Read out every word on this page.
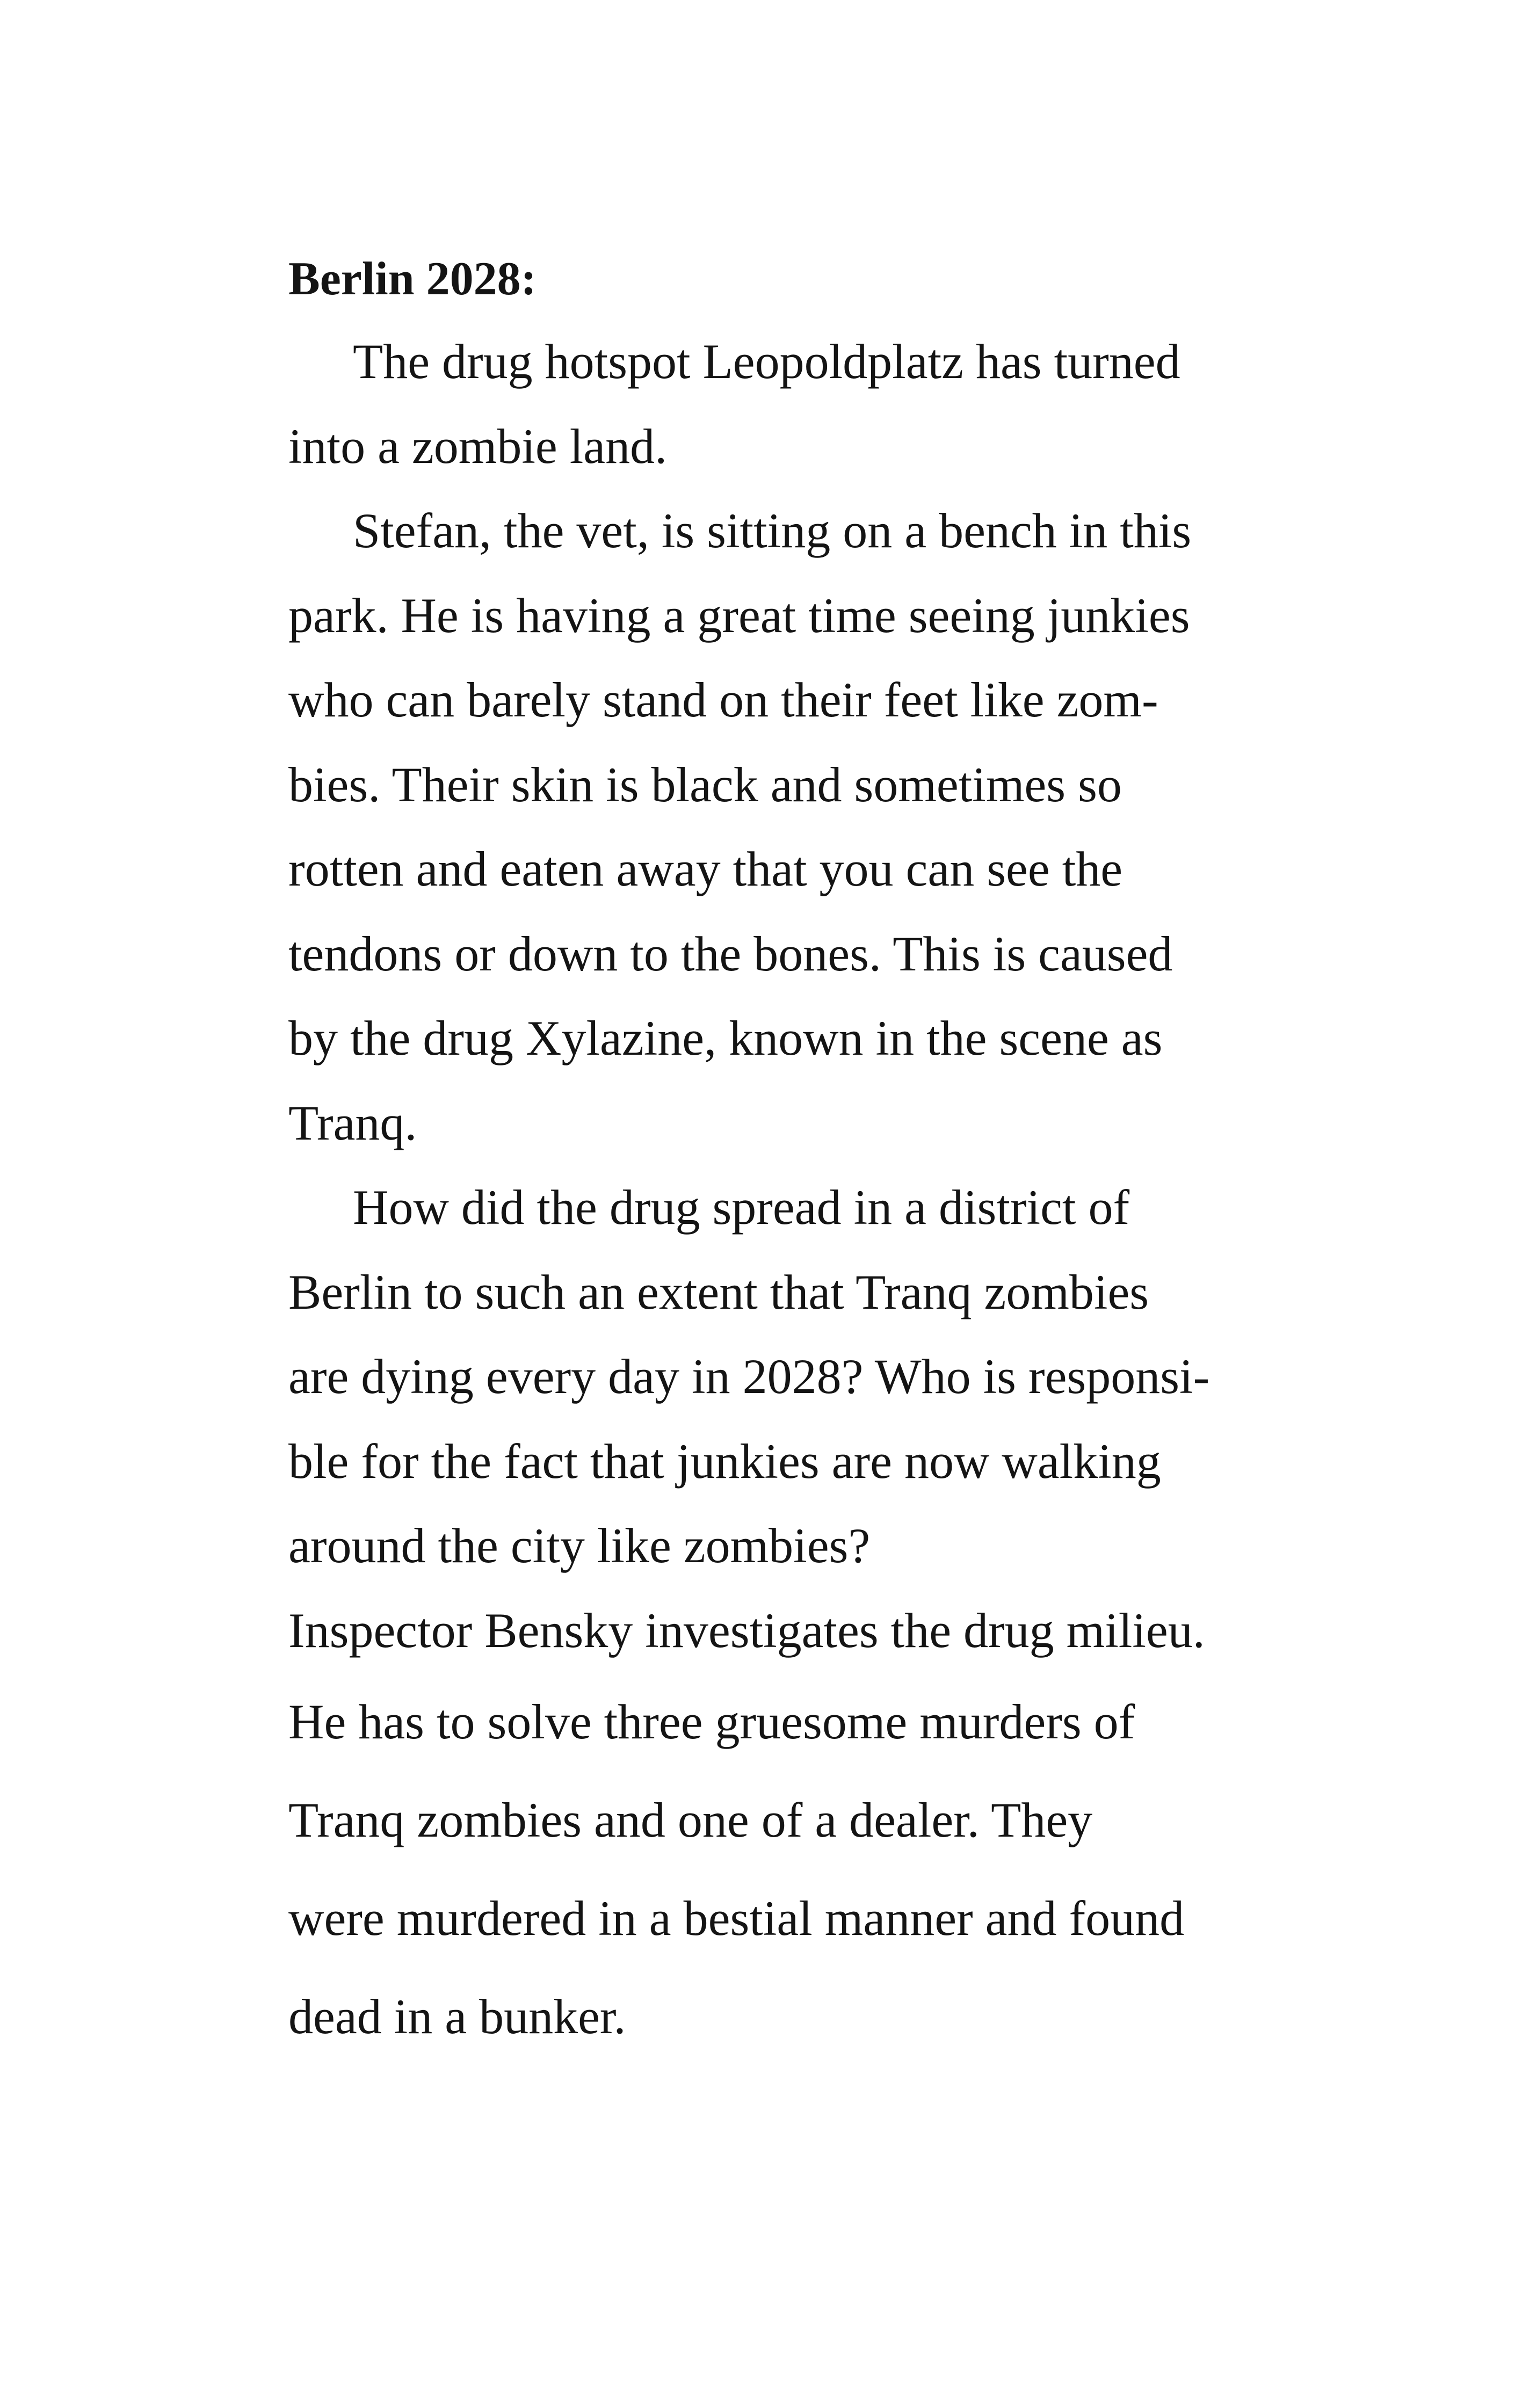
Berlin 2028:

The drug hotspot Leopoldplatz has turned

into a zombie land.

Stefan, the vet, is sitting on a bench in this

park. He is having a great time seeing junkies

who can barely stand on their feet like zom-

bies. Their skin is black and sometimes so

rotten and eaten away that you can see the

tendons or down to the bones. This is caused

by the drug Xylazine, known in the scene as

Tranq.

How did the drug spread in a district of

Berlin to such an extent that Tranq zombies

are dying every day in 2028? Who is responsi-

ble for the fact that junkies are now walking

around the city like zombies?

Inspector Bensky investigates the drug milieu.

He has to solve three gruesome murders of

Tranq zombies and one of a dealer. They

were murdered in a bestial manner and found

dead in a bunker.
